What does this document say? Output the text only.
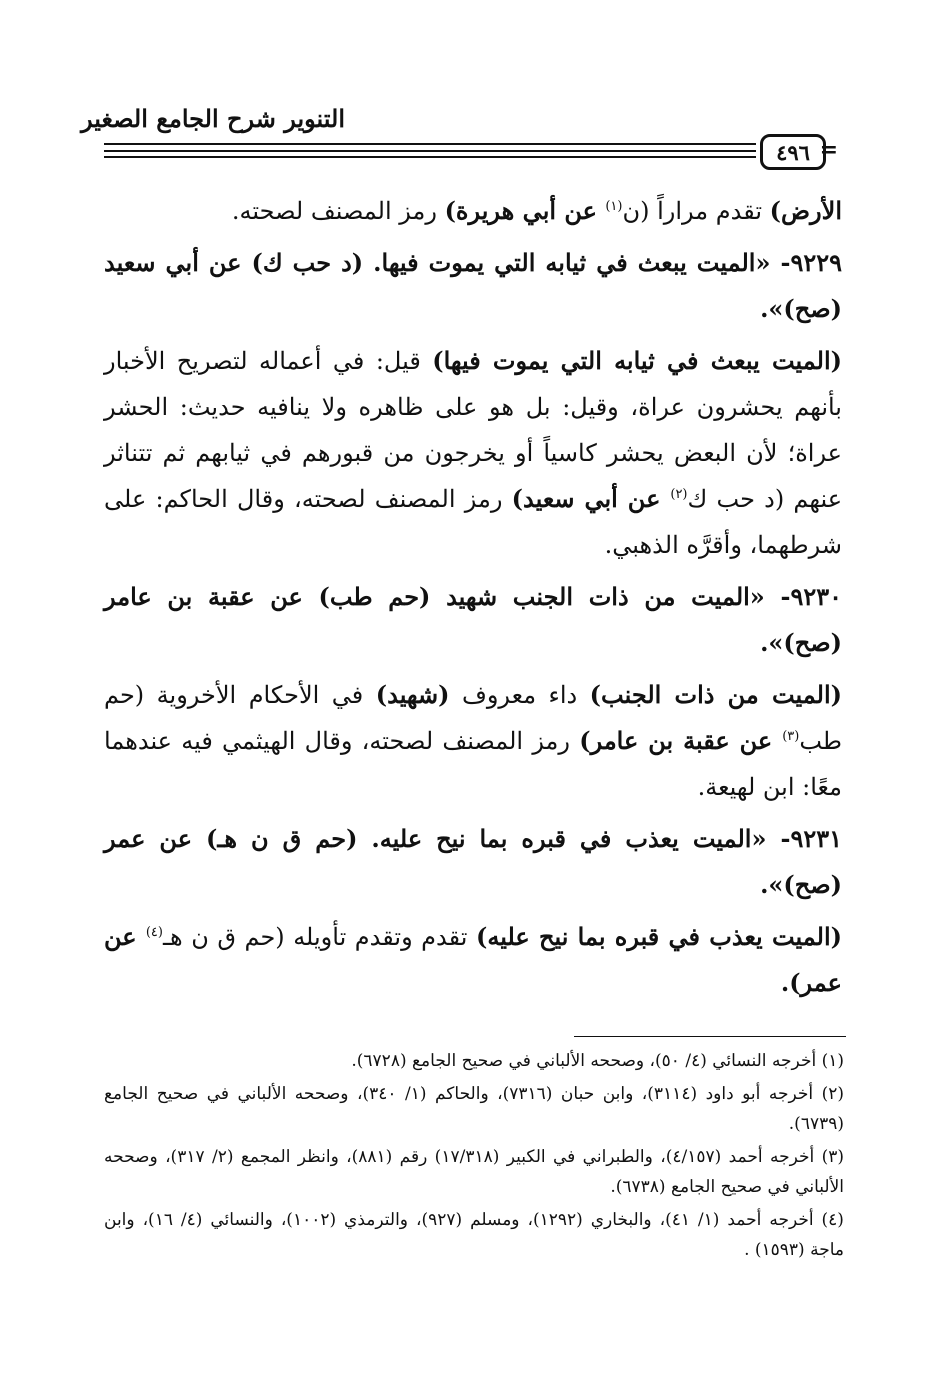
التنوير شرح الجامع الصغير
٤٩٦ =

الأرض) تقدم مراراً (ن$^{(١)}$ عن أبي هريرة) رمز المصنف لصحته.

٩٢٢٩- «الميت يبعث في ثيابه التي يموت فيها. (د حب ك) عن أبي سعيد (صح)».

(الميت يبعث في ثيابه التي يموت فيها) قيل: في أعماله لتصريح الأخبار بأنهم يحشرون عراة، وقيل: بل هو على ظاهره ولا ينافيه حديث: الحشر عراة؛ لأن البعض يحشر كاسياً أو يخرجون من قبورهم في ثيابهم ثم تتناثر عنهم (د حب ك$^{(٢)}$ عن أبي سعيد) رمز المصنف لصحته، وقال الحاكم: على شرطهما، وأقرَّه الذهبي.

٩٢٣٠- «الميت من ذات الجنب شهيد (حم طب) عن عقبة بن عامر (صح)».

(الميت من ذات الجنب) داء معروف (شهيد) في الأحكام الأخروية (حم طب$^{(٣)}$ عن عقبة بن عامر) رمز المصنف لصحته، وقال الهيثمي فيه عندهما معًا: ابن لهيعة.

٩٢٣١- «الميت يعذب في قبره بما نيح عليه. (حم ق ن هـ) عن عمر (صح)».

(الميت يعذب في قبره بما نيح عليه) تقدم وتقدم تأويله (حم ق ن هـ$^{(٤)}$ عن عمر).

(١) أخرجه النسائي (٤/ ٥٠)، وصححه الألباني في صحيح الجامع (٦٧٢٨).

(٢) أخرجه أبو داود (٣١١٤)، وابن حبان (٧٣١٦)، والحاكم (١/ ٣٤٠)، وصححه الألباني في صحيح الجامع (٦٧٣٩).

(٣) أخرجه أحمد (٤/١٥٧)، والطبراني في الكبير (١٧/٣١٨) رقم (٨٨١)، وانظر المجمع (٢/ ٣١٧)، وصححه الألباني في صحيح الجامع (٦٧٣٨).

(٤) أخرجه أحمد (١/ ٤١)، والبخاري (١٢٩٢)، ومسلم (٩٢٧)، والترمذي (١٠٠٢)، والنسائي (٤/ ١٦)، وابن ماجة (١٥٩٣) .
